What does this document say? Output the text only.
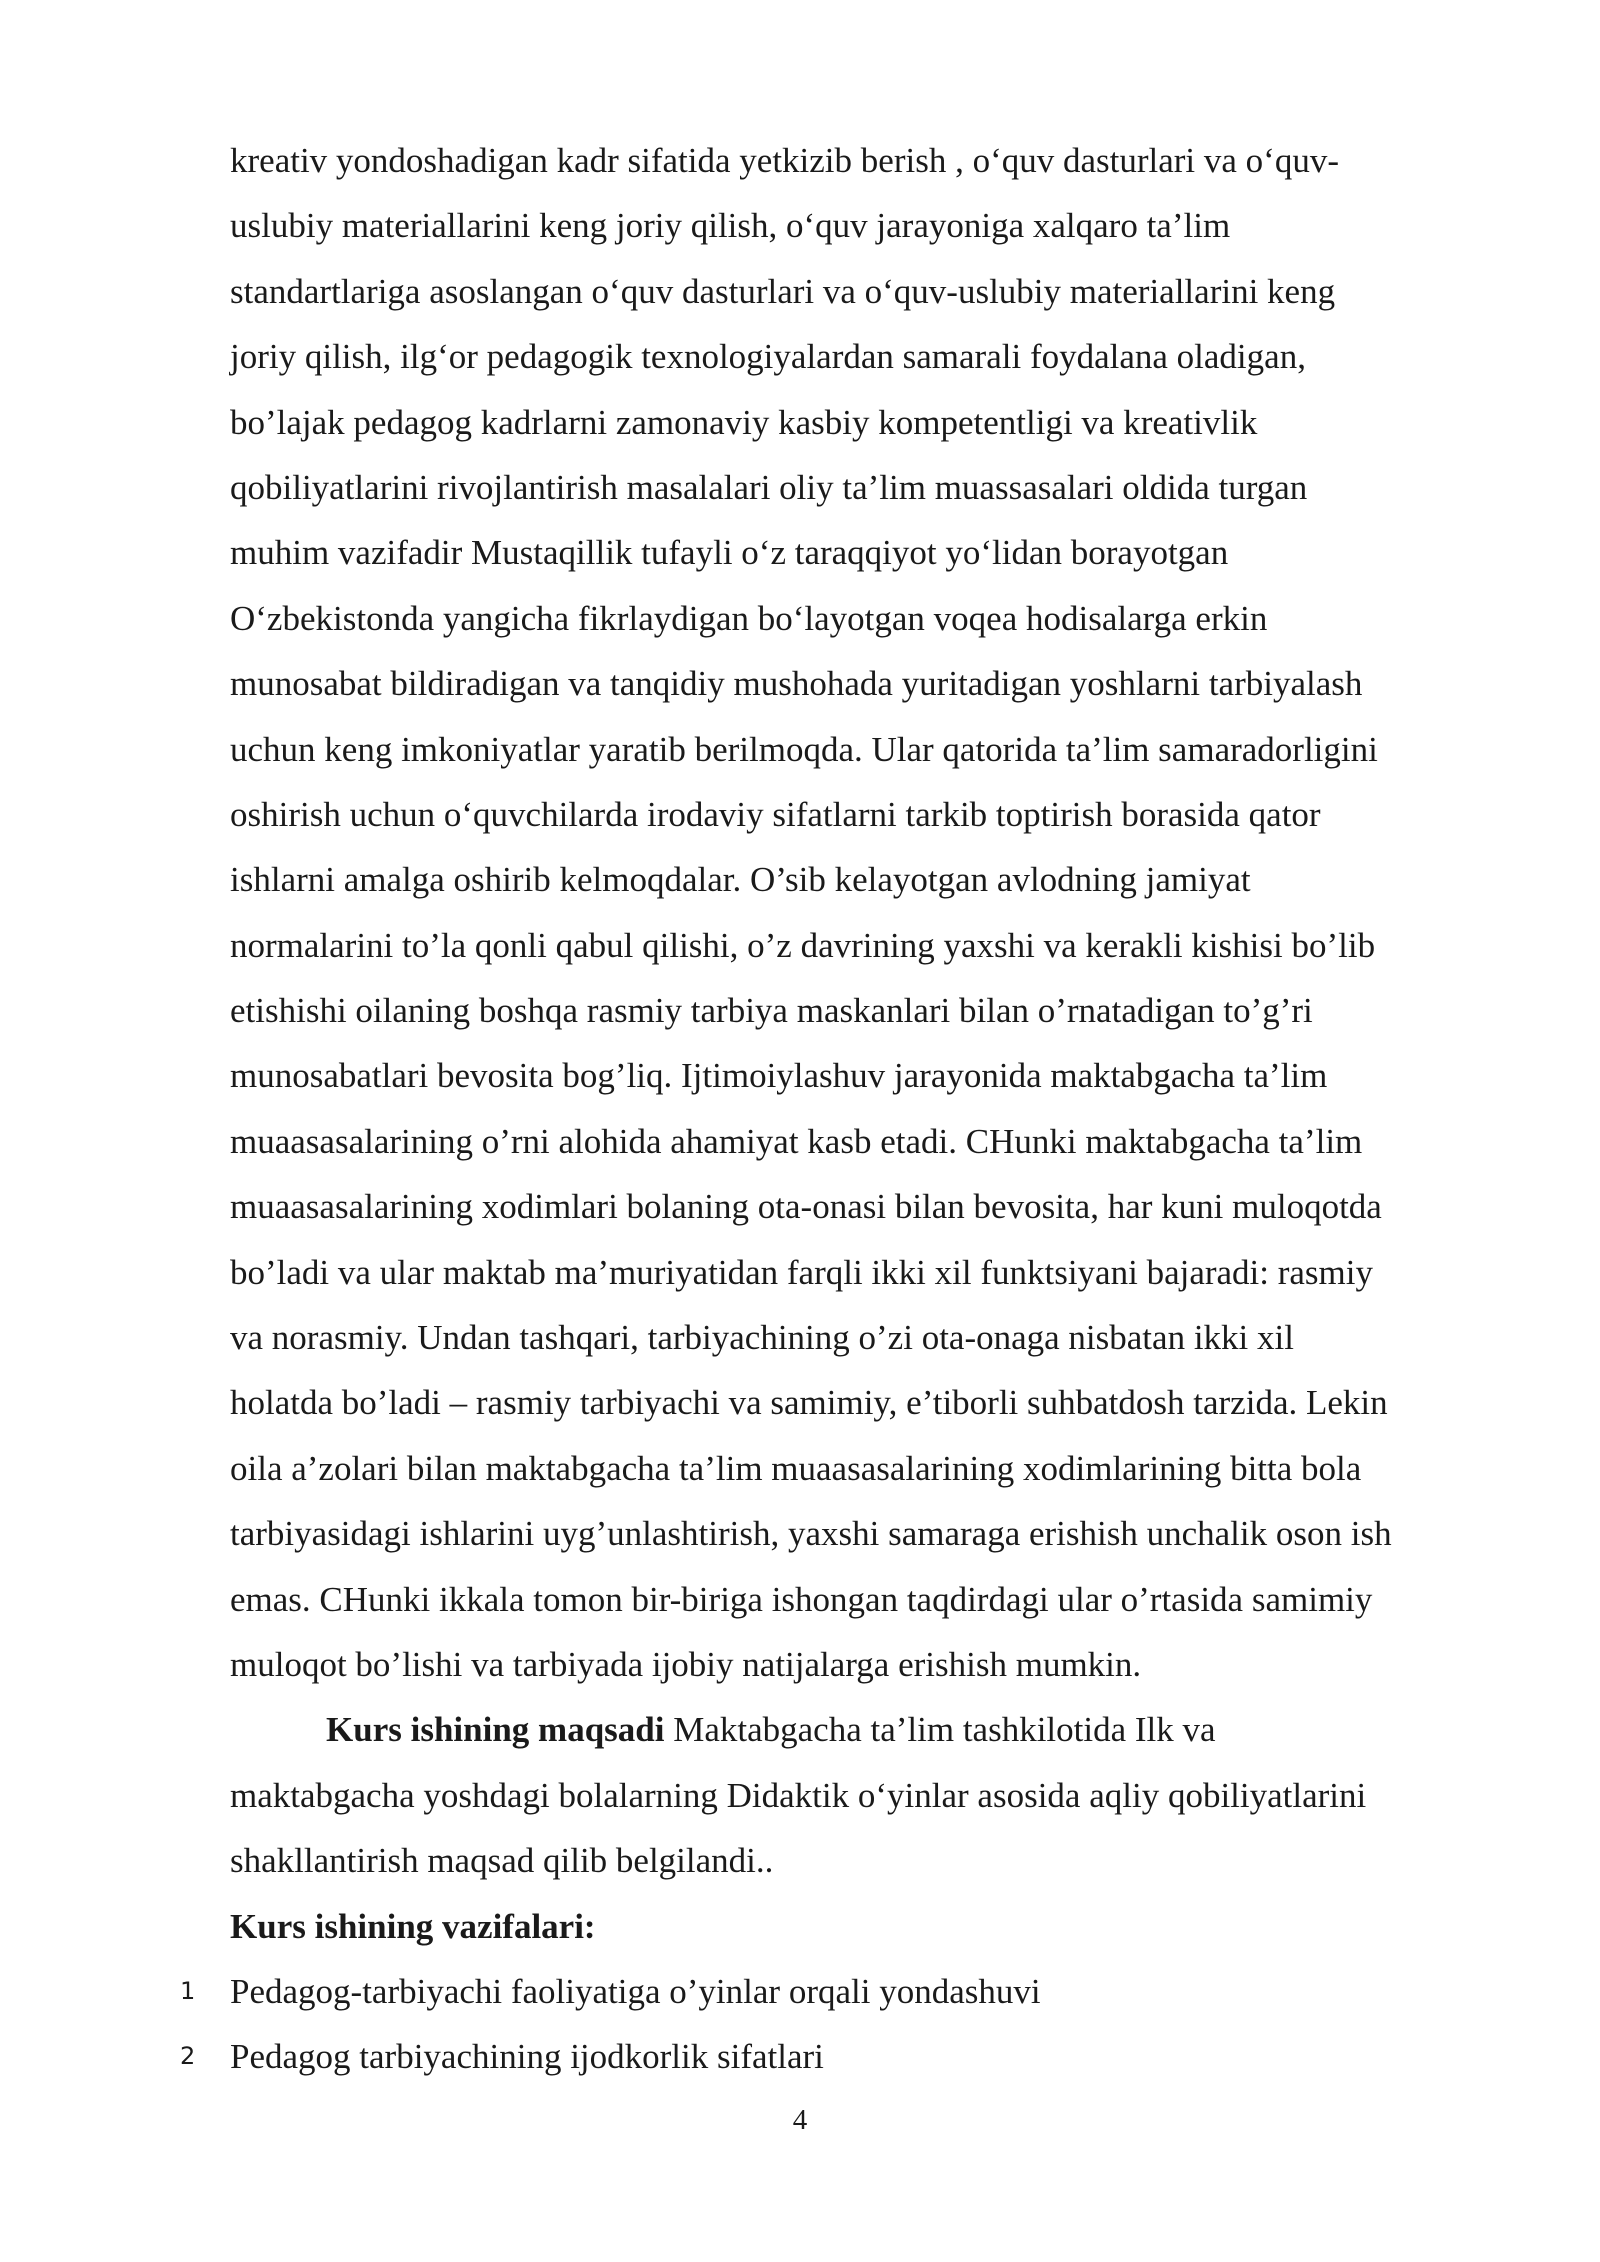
kreativ yondoshadigan kadr sifatida yetkizib berish , o‘quv dasturlari va o‘quv-
uslubiy materiallarini keng joriy qilish, o‘quv jarayoniga xalqaro ta’lim
standartlariga asoslangan o‘quv dasturlari va o‘quv-uslubiy materiallarini keng
joriy qilish, ilg‘or pedagogik texnologiyalardan samarali foydalana oladigan,
bo’lajak pedagog kadrlarni zamonaviy kasbiy kompetentligi va kreativlik
qobiliyatlarini rivojlantirish masalalari oliy ta’lim muassasalari oldida turgan
muhim vazifadir Mustaqillik tufayli o‘z taraqqiyot yo‘lidan borayotgan
O‘zbekistonda yangicha fikrlaydigan bo‘layotgan voqea hodisalarga erkin
munosabat bildiradigan va tanqidiy mushohada yuritadigan yoshlarni tarbiyalash
uchun keng imkoniyatlar yaratib berilmoqda. Ular qatorida ta’lim samaradorligini
oshirish uchun o‘quvchilarda irodaviy sifatlarni tarkib toptirish borasida qator
ishlarni amalga oshirib kelmoqdalar. O’sib kelayotgan avlodning jamiyat
normalarini to’la qonli qabul qilishi, o’z davrining yaxshi va kerakli kishisi bo’lib
etishishi oilaning boshqa rasmiy tarbiya maskanlari bilan o’rnatadigan to’g’ri
munosabatlari bevosita bog’liq. Ijtimoiylashuv jarayonida maktabgacha ta’lim
muaasasalarining o’rni alohida ahamiyat kasb etadi. CHunki maktabgacha ta’lim
muaasasalarining xodimlari bolaning ota-onasi bilan bevosita, har kuni muloqotda
bo’ladi va ular maktab ma’muriyatidan farqli ikki xil funktsiyani bajaradi: rasmiy
va norasmiy. Undan tashqari, tarbiyachining o’zi ota-onaga nisbatan ikki xil
holatda bo’ladi – rasmiy tarbiyachi va samimiy, e’tiborli suhbatdosh tarzida. Lekin
oila a’zolari bilan maktabgacha ta’lim muaasasalarining xodimlarining bitta bola
tarbiyasidagi ishlarini uyg’unlashtirish, yaxshi samaraga erishish unchalik oson ish
emas. CHunki ikkala tomon bir-biriga ishongan taqdirdagi ular o’rtasida samimiy
muloqot bo’lishi va tarbiyada ijobiy natijalarga erishish mumkin.
Kurs ishining maqsadi Maktabgacha ta’lim tashkilotida Ilk va
maktabgacha yoshdagi bolalarning Didaktik o‘yinlar asosida aqliy qobiliyatlarini
shakllantirish maqsad qilib belgilandi..
Kurs ishining vazifalari:
1 Pedagog-tarbiyachi faoliyatiga o’yinlar orqali yondashuvi
2 Pedagog tarbiyachining ijodkorlik sifatlari
4
